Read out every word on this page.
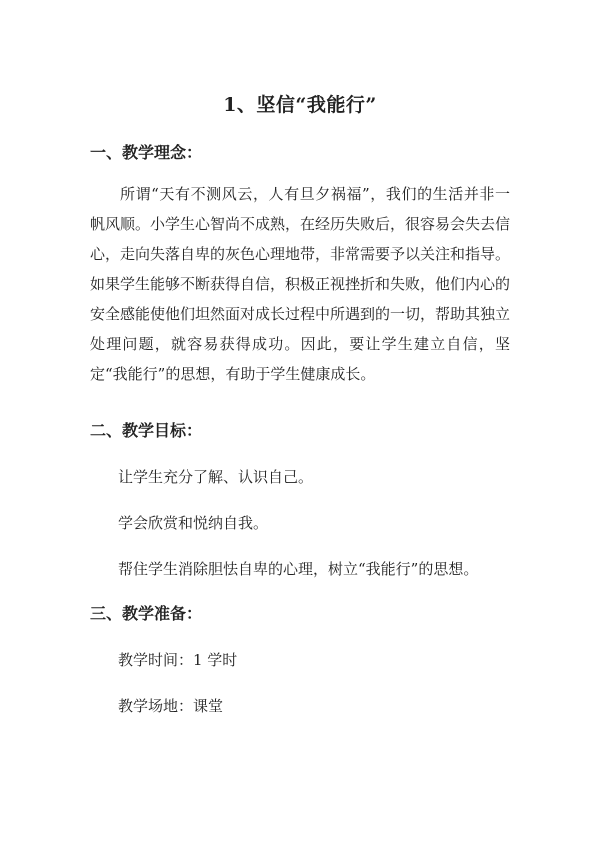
1、坚信“我能行”
一、教学理念：
所谓“天有不测风云，人有旦夕祸福”，我们的生活并非一帆风顺。小学生心智尚不成熟，在经历失败后，很容易会失去信心，走向失落自卑的灰色心理地带，非常需要予以关注和指导。如果学生能够不断获得自信，积极正视挫折和失败，他们内心的安全感能使他们坦然面对成长过程中所遇到的一切，帮助其独立处理问题，就容易获得成功。因此，要让学生建立自信，坚定“我能行”的思想，有助于学生健康成长。
二、教学目标：
让学生充分了解、认识自己。
学会欣赏和悦纳自我。
帮住学生消除胆怯自卑的心理，树立“我能行”的思想。
三、教学准备：
教学时间：1 学时
教学场地：课堂
